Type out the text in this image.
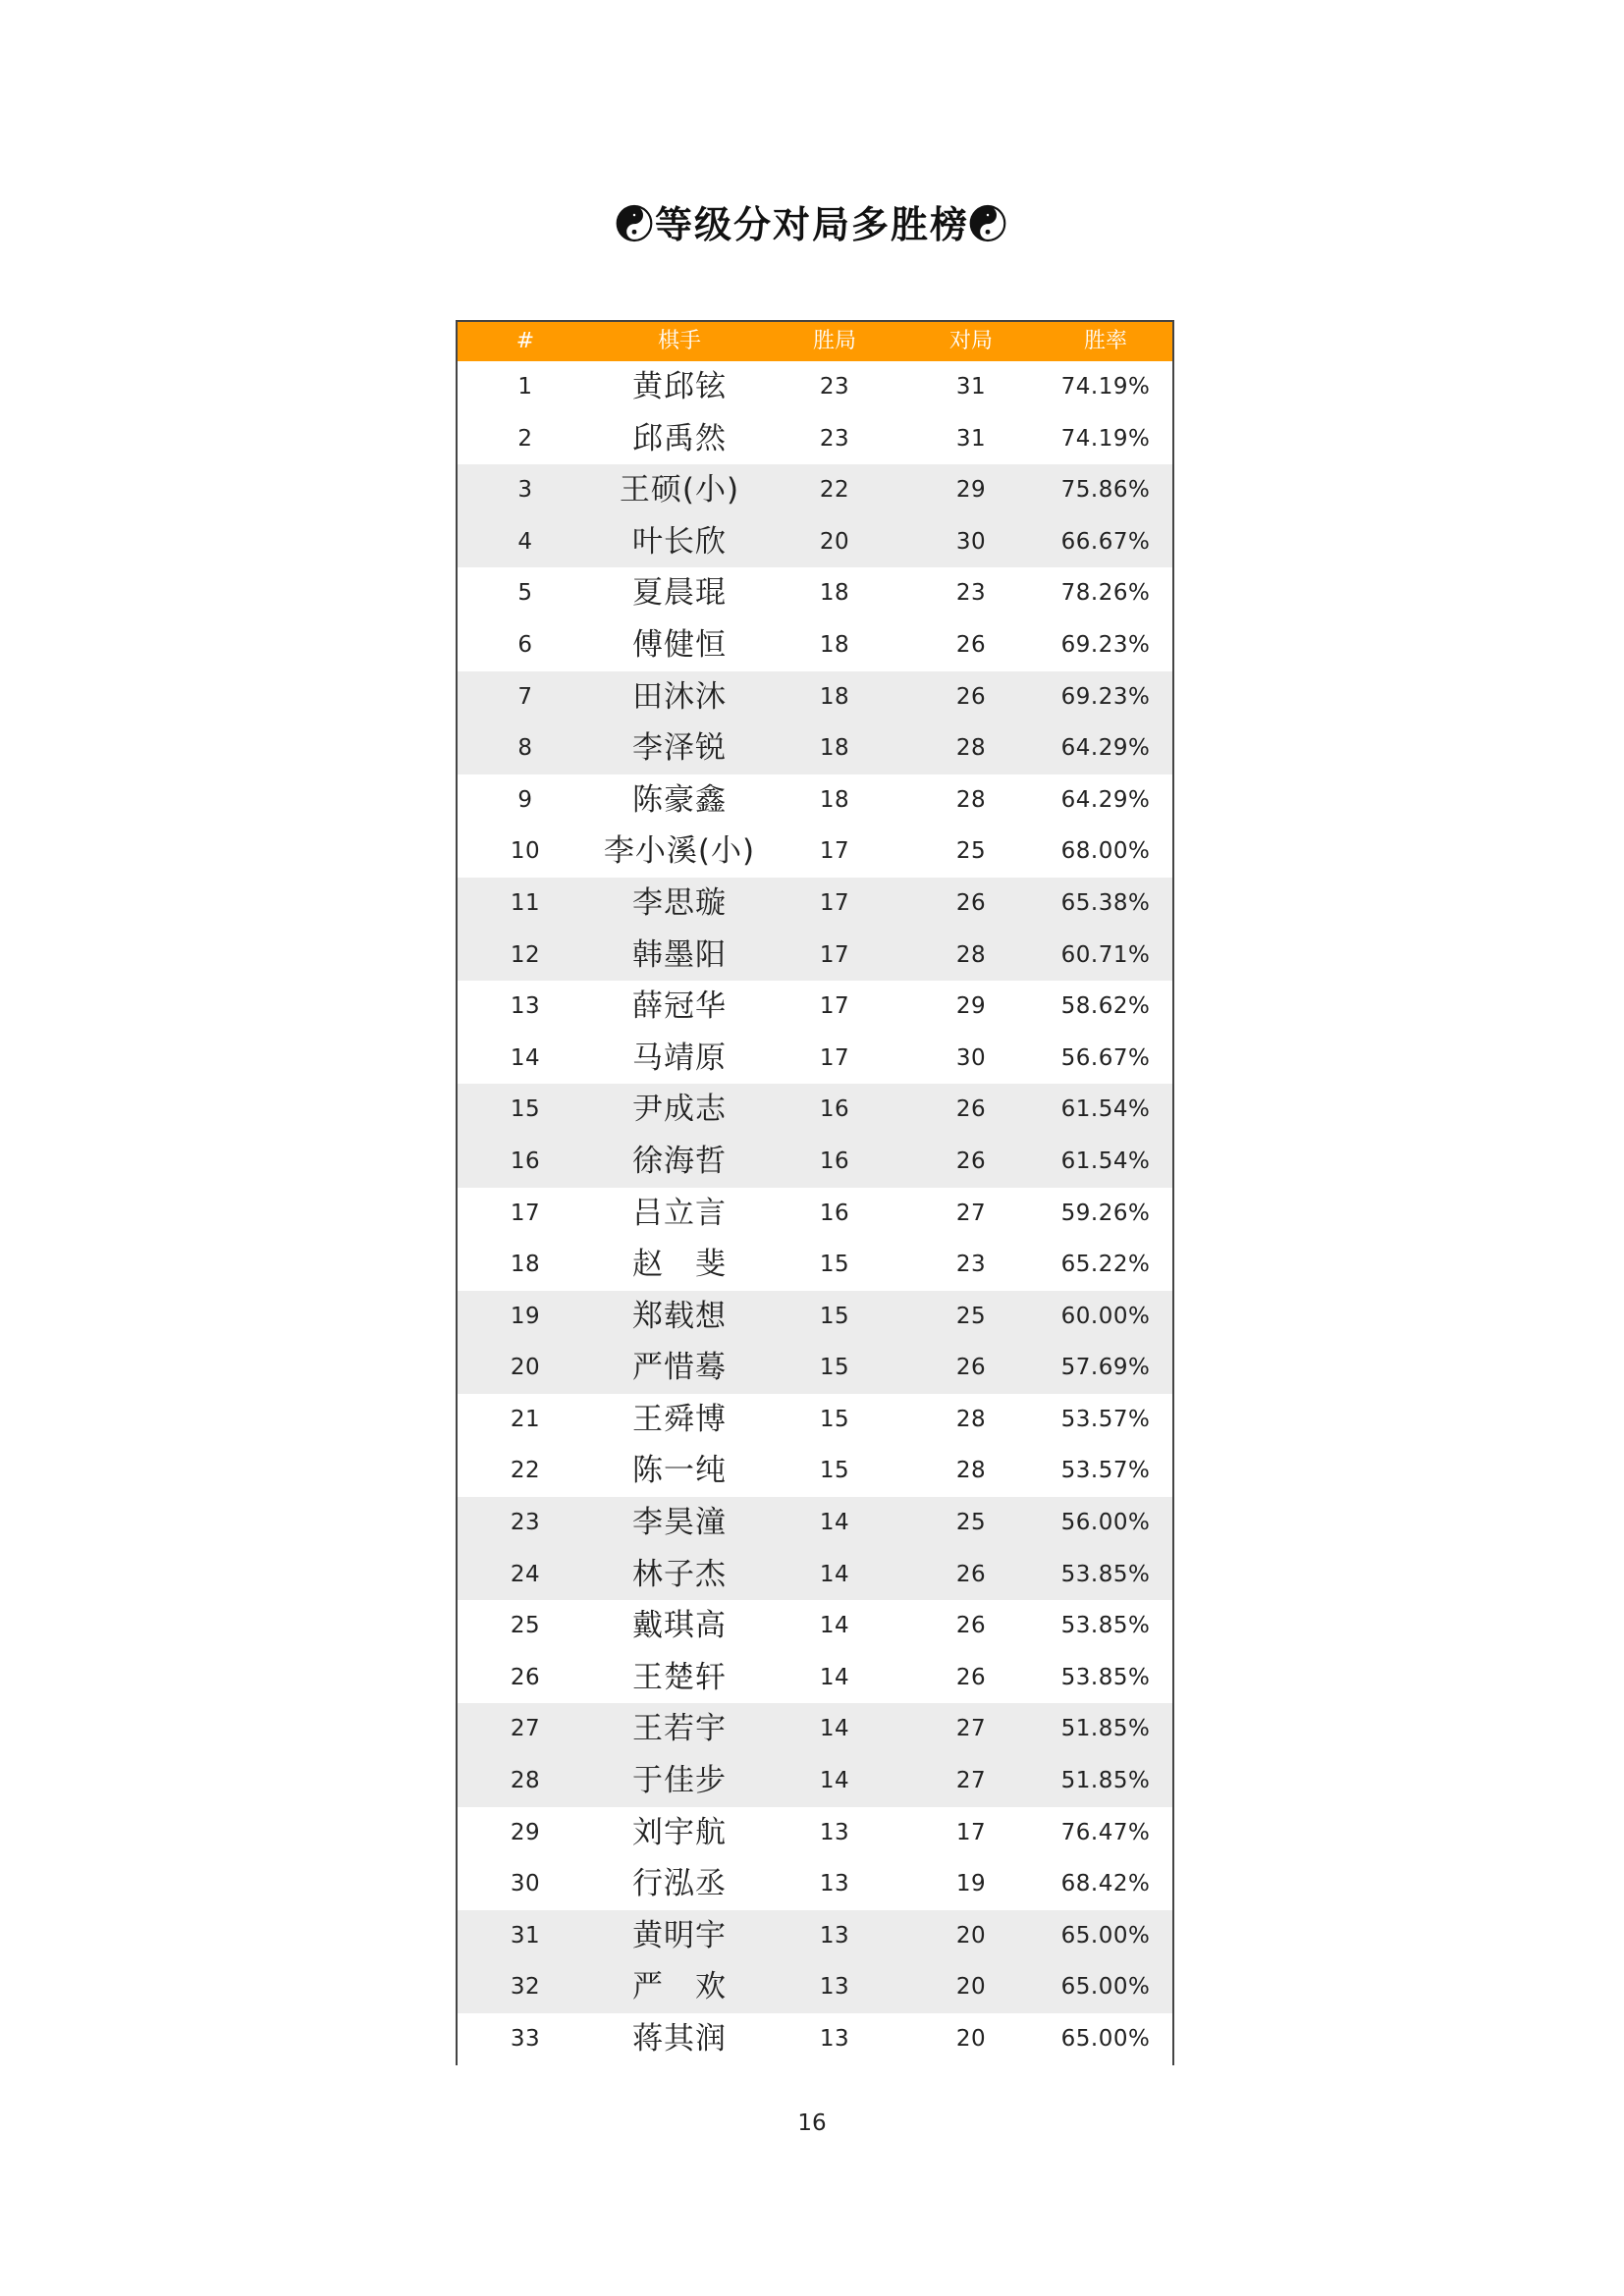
☯等级分对局多胜榜☯
#	棋手	胜局	对局	胜率
1	黄邱铉	23	31	74.19%
2	邱禹然	23	31	74.19%
3	王硕(小)	22	29	75.86%
4	叶长欣	20	30	66.67%
5	夏晨琨	18	23	78.26%
6	傅健恒	18	26	69.23%
7	田沐沐	18	26	69.23%
8	李泽锐	18	28	64.29%
9	陈豪鑫	18	28	64.29%
10	李小溪(小)	17	25	68.00%
11	李思璇	17	26	65.38%
12	韩墨阳	17	28	60.71%
13	薛冠华	17	29	58.62%
14	马靖原	17	30	56.67%
15	尹成志	16	26	61.54%
16	徐海哲	16	26	61.54%
17	吕立言	16	27	59.26%
18	赵　斐	15	23	65.22%
19	郑载想	15	25	60.00%
20	严惜蓦	15	26	57.69%
21	王舜博	15	28	53.57%
22	陈一纯	15	28	53.57%
23	李昊潼	14	25	56.00%
24	林子杰	14	26	53.85%
25	戴琪高	14	26	53.85%
26	王楚轩	14	26	53.85%
27	王若宇	14	27	51.85%
28	于佳步	14	27	51.85%
29	刘宇航	13	17	76.47%
30	行泓丞	13	19	68.42%
31	黄明宇	13	20	65.00%
32	严　欢	13	20	65.00%
33	蒋其润	13	20	65.00%
16
